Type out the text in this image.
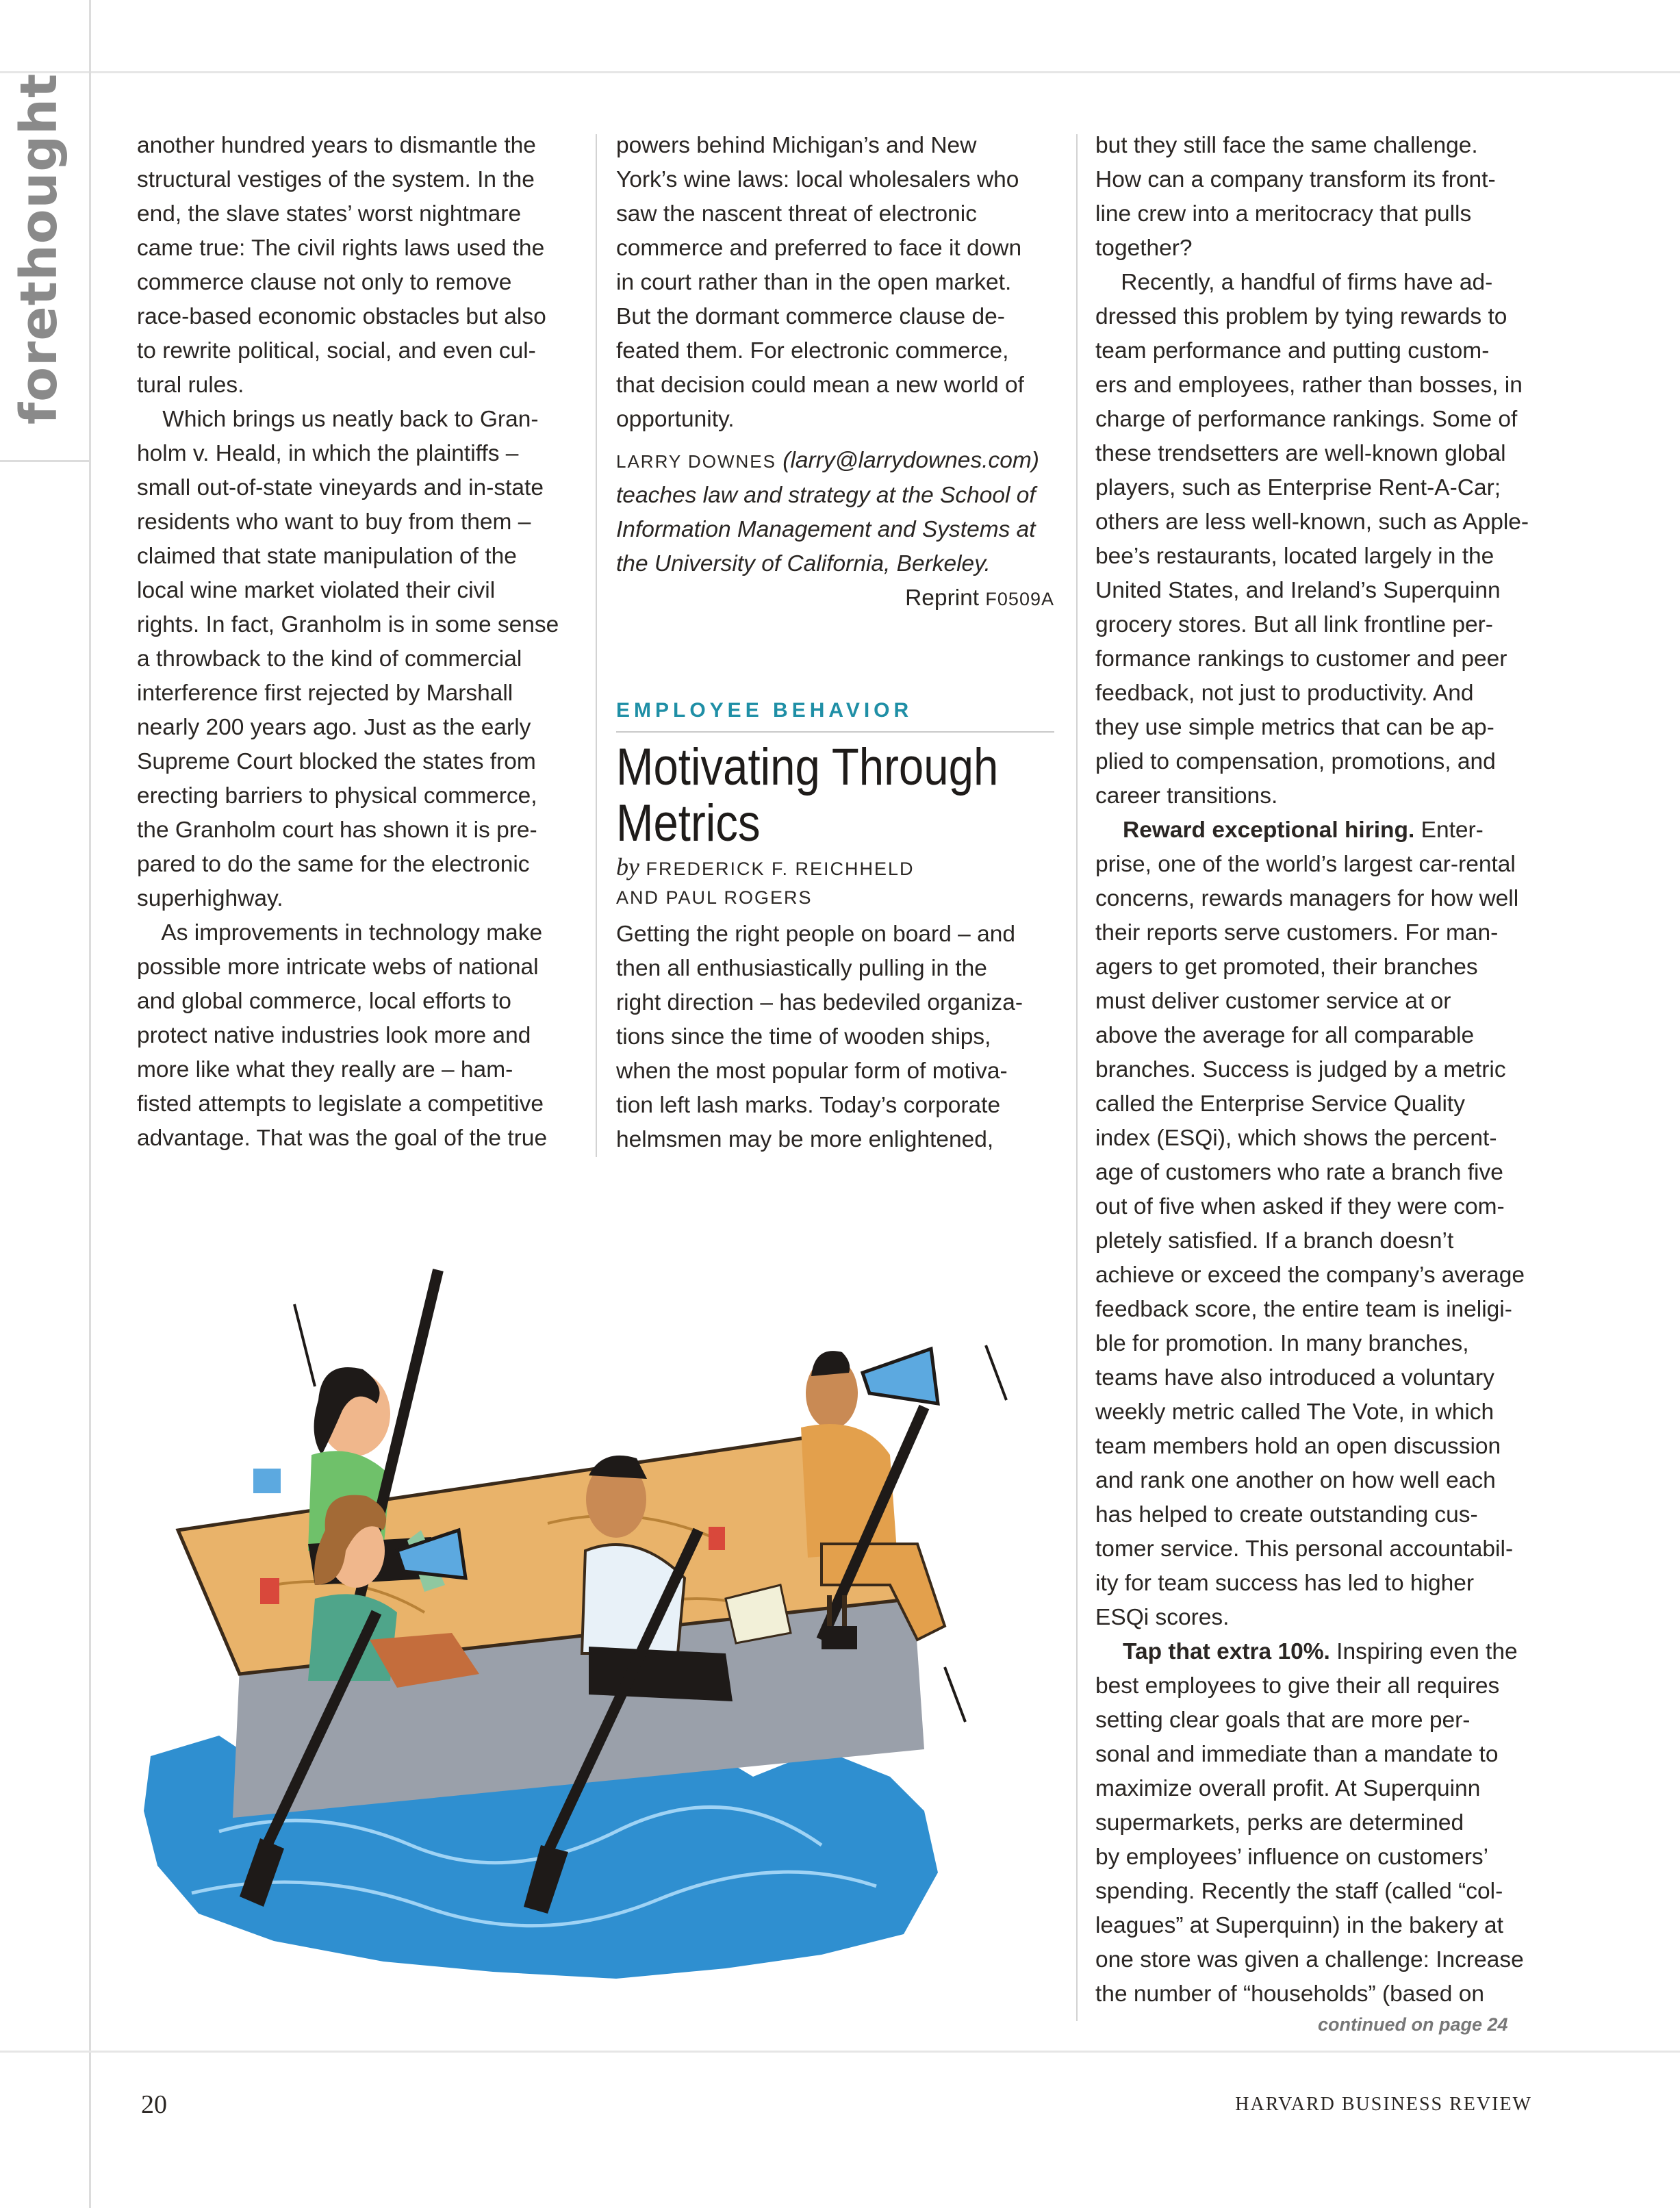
forethought	another hundred years to dismantle the

structural vestiges of the system. In the

end, the slave states’ worst nightmare

came true: The civil rights laws used the

commerce clause not only to remove

race-based economic obstacles but also

to rewrite political, social, and even cul-

tural rules.

Which brings us neatly back to Gran-

holm v. Heald, in which the plaintiffs –

small out-of-state vineyards and in-state

residents who want to buy from them –

claimed that state manipulation of the

local wine market violated their civil

rights. In fact, Granholm is in some sense

a throwback to the kind of commercial

interference first rejected by Marshall

nearly 200 years ago. Just as the early

Supreme Court blocked the states from

erecting barriers to physical commerce,

the Granholm court has shown it is pre-

pared to do the same for the electronic

superhighway.

As improvements in technology make

possible more intricate webs of national

and global commerce, local efforts to

protect native industries look more and

more like what they really are – ham-

fisted attempts to legislate a competitive

advantage. That was the goal of the true

powers behind Michigan’s and New

York’s wine laws: local wholesalers who

saw the nascent threat of electronic

commerce and preferred to face it down

in court rather than in the open market.

But the dormant commerce clause de-

feated them. For electronic commerce,

that decision could mean a new world of

opportunity.

LARRY DOWNES (larry@larrydownes.com)

teaches law and strategy at the School of

Information Management and Systems at

the University of California, Berkeley.

Reprint F0509A

EMPLOYEE BEHAVIOR
Motivating Through
Metrics
by FREDERICK F. REICHHELD
AND PAUL ROGERS

Getting the right people on board – and

then all enthusiastically pulling in the

right direction – has bedeviled organiza-

tions since the time of wooden ships,

when the most popular form of motiva-

tion left lash marks. Today’s corporate

helmsmen may be more enlightened,

but they still face the same challenge.

How can a company transform its front-

line crew into a meritocracy that pulls

together?

Recently, a handful of firms have ad-

dressed this problem by tying rewards to

team performance and putting custom-

ers and employees, rather than bosses, in

charge of performance rankings. Some of

these trendsetters are well-known global

players, such as Enterprise Rent-A-Car;

others are less well-known, such as Apple-

bee’s restaurants, located largely in the

United States, and Ireland’s Superquinn

grocery stores. But all link frontline per-

formance rankings to customer and peer

feedback, not just to productivity. And

they use simple metrics that can be ap-

plied to compensation, promotions, and

career transitions.

Reward exceptional hiring. Enter-

prise, one of the world’s largest car-rental

concerns, rewards managers for how well

their reports serve customers. For man-

agers to get promoted, their branches

must deliver customer service at or

above the average for all comparable

branches. Success is judged by a metric

called the Enterprise Service Quality

index (ESQi), which shows the percent-

age of customers who rate a branch five

out of five when asked if they were com-

pletely satisfied. If a branch doesn’t

achieve or exceed the company’s average

feedback score, the entire team is ineligi-

ble for promotion. In many branches,

teams have also introduced a voluntary

weekly metric called The Vote, in which

team members hold an open discussion

and rank one another on how well each

has helped to create outstanding cus-

tomer service. This personal accountabil-

ity for team success has led to higher

ESQi scores.

Tap that extra 10%. Inspiring even the

best employees to give their all requires

setting clear goals that are more per-

sonal and immediate than a mandate to

maximize overall profit. At Superquinn

supermarkets, perks are determined

by employees’ influence on customers’

spending. Recently the staff (called “col-

leagues” at Superquinn) in the bakery at

one store was given a challenge: Increase

the number of “households” (based on

continued on page 24
20	HARVARD BUSINESS REVIEW
